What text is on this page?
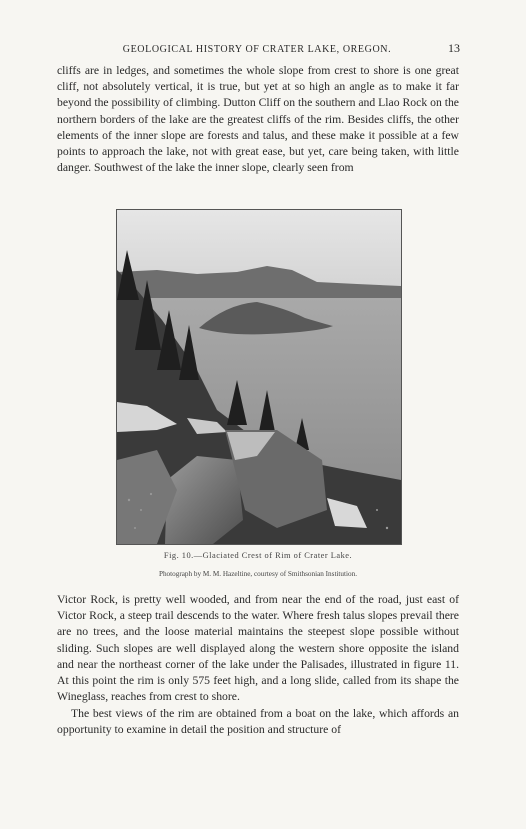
GEOLOGICAL HISTORY OF CRATER LAKE, OREGON.	13

cliffs are in ledges, and sometimes the whole slope from crest to shore is one great cliff, not absolutely vertical, it is true, but yet at so high an angle as to make it far beyond the possibility of climbing. Dutton Cliff on the southern and Llao Rock on the northern borders of the lake are the greatest cliffs of the rim. Besides cliffs, the other elements of the inner slope are forests and talus, and these make it possible at a few points to approach the lake, not with great ease, but yet, care being taken, with little danger. Southwest of the lake the inner slope, clearly seen from

Fig. 10.—Glaciated Crest of Rim of Crater Lake.
Photograph by M. M. Hazeltine, courtesy of Smithsonian Institution.

Victor Rock, is pretty well wooded, and from near the end of the road, just east of Victor Rock, a steep trail descends to the water. Where fresh talus slopes prevail there are no trees, and the loose material maintains the steepest slope possible without sliding. Such slopes are well displayed along the western shore opposite the island and near the northeast corner of the lake under the Palisades, illustrated in figure 11. At this point the rim is only 575 feet high, and a long slide, called from its shape the Wineglass, reaches from crest to shore.

The best views of the rim are obtained from a boat on the lake, which affords an opportunity to examine in detail the position and structure of
